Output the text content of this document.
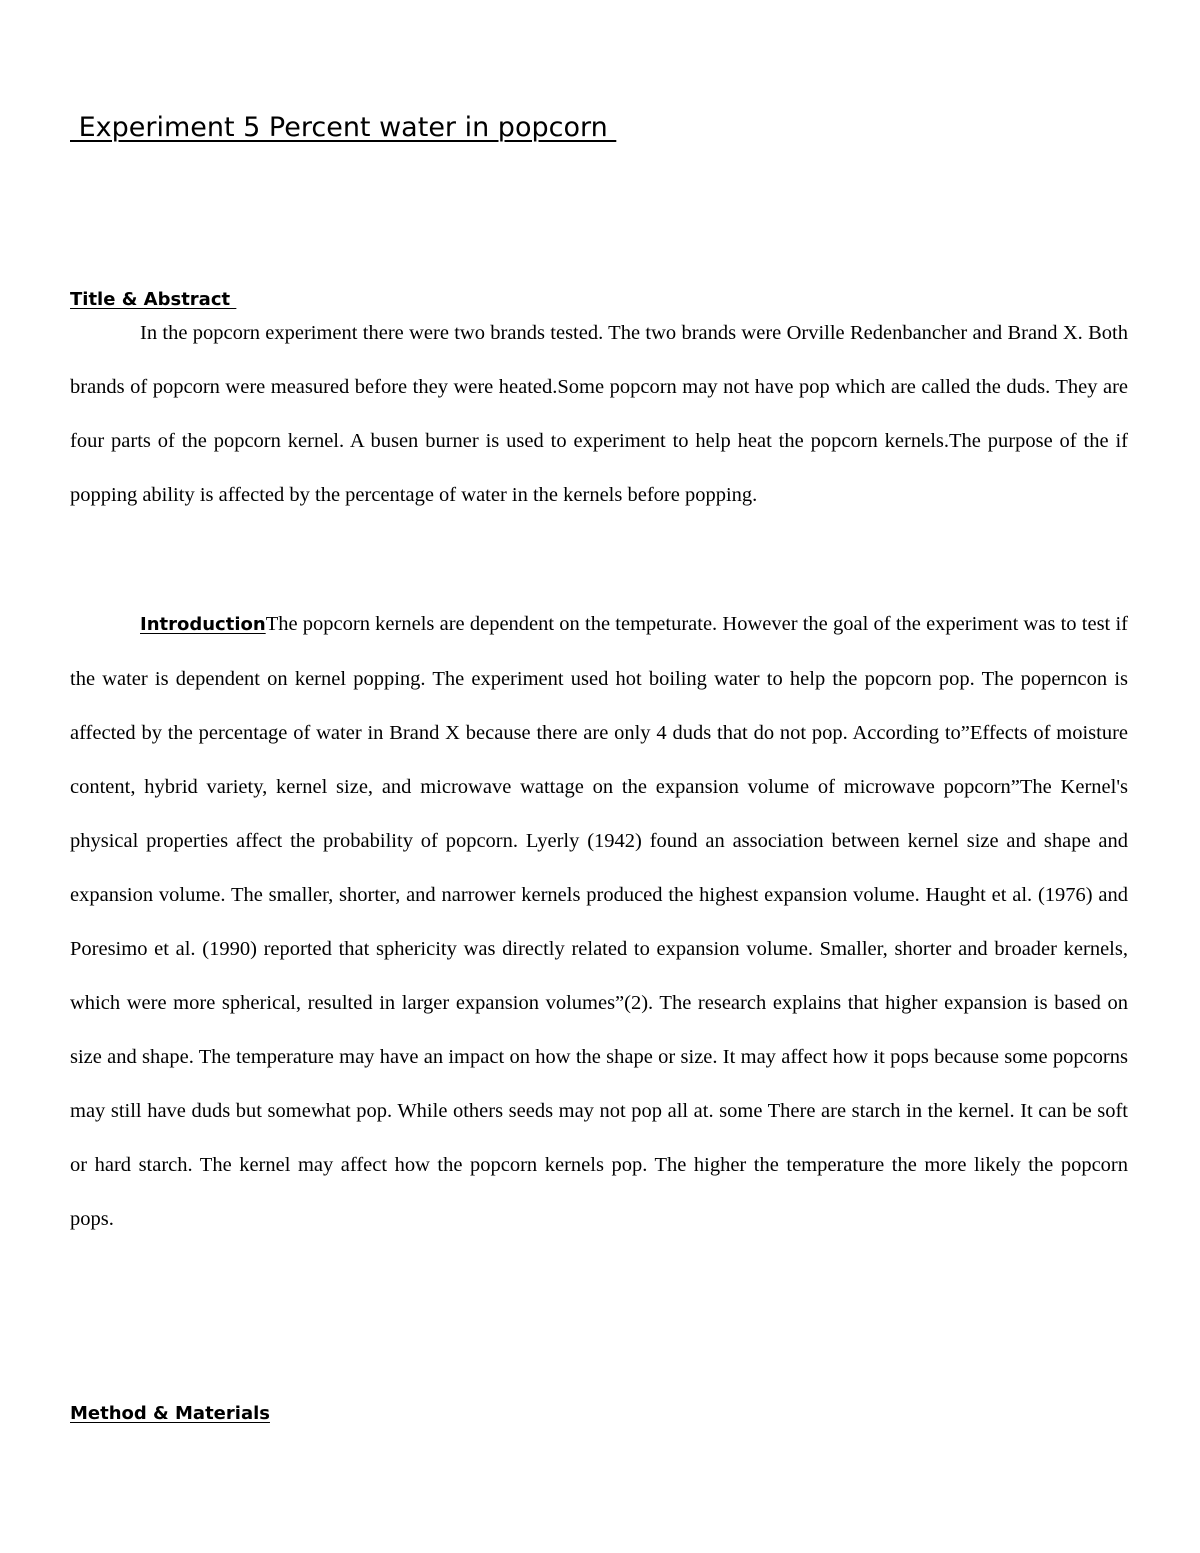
Experiment 5 Percent water in popcorn
Title & Abstract

In the popcorn experiment there were two brands tested. The two brands were Orville Redenbancher and Brand X. Both brands of popcorn were measured before they were heated.Some popcorn may not have pop which are called the duds. They are four parts of the popcorn kernel. A busen burner is used to experiment to help heat the popcorn kernels.The purpose of the if popping ability is affected by the percentage of water in the kernels before popping.

IntroductionThe popcorn kernels are dependent on the tempeturate. However the goal of the experiment was to test if the water is dependent on kernel popping. The experiment used hot boiling water to help the popcorn pop. The poperncon is affected by the percentage of water in Brand X because there are only 4 duds that do not pop. According to”Effects of moisture content, hybrid variety, kernel size, and microwave wattage on the expansion volume of microwave popcorn”The Kernel's physical properties affect the probability of popcorn. Lyerly (1942) found an association between kernel size and shape and expansion volume. The smaller, shorter, and narrower kernels produced the highest expansion volume. Haught et al. (1976) and Poresimo et al. (1990) reported that sphericity was directly related to expansion volume. Smaller, shorter and broader kernels, which were more spherical, resulted in larger expansion volumes”(2). The research explains that higher expansion is based on size and shape. The temperature may have an impact on how the shape or size. It may affect how it pops because some popcorns may still have duds but somewhat pop. While others seeds may not pop all at. some There are starch in the kernel. It can be soft or hard starch. The kernel may affect how the popcorn kernels pop. The higher the temperature the more likely the popcorn pops.

Method & Materials
